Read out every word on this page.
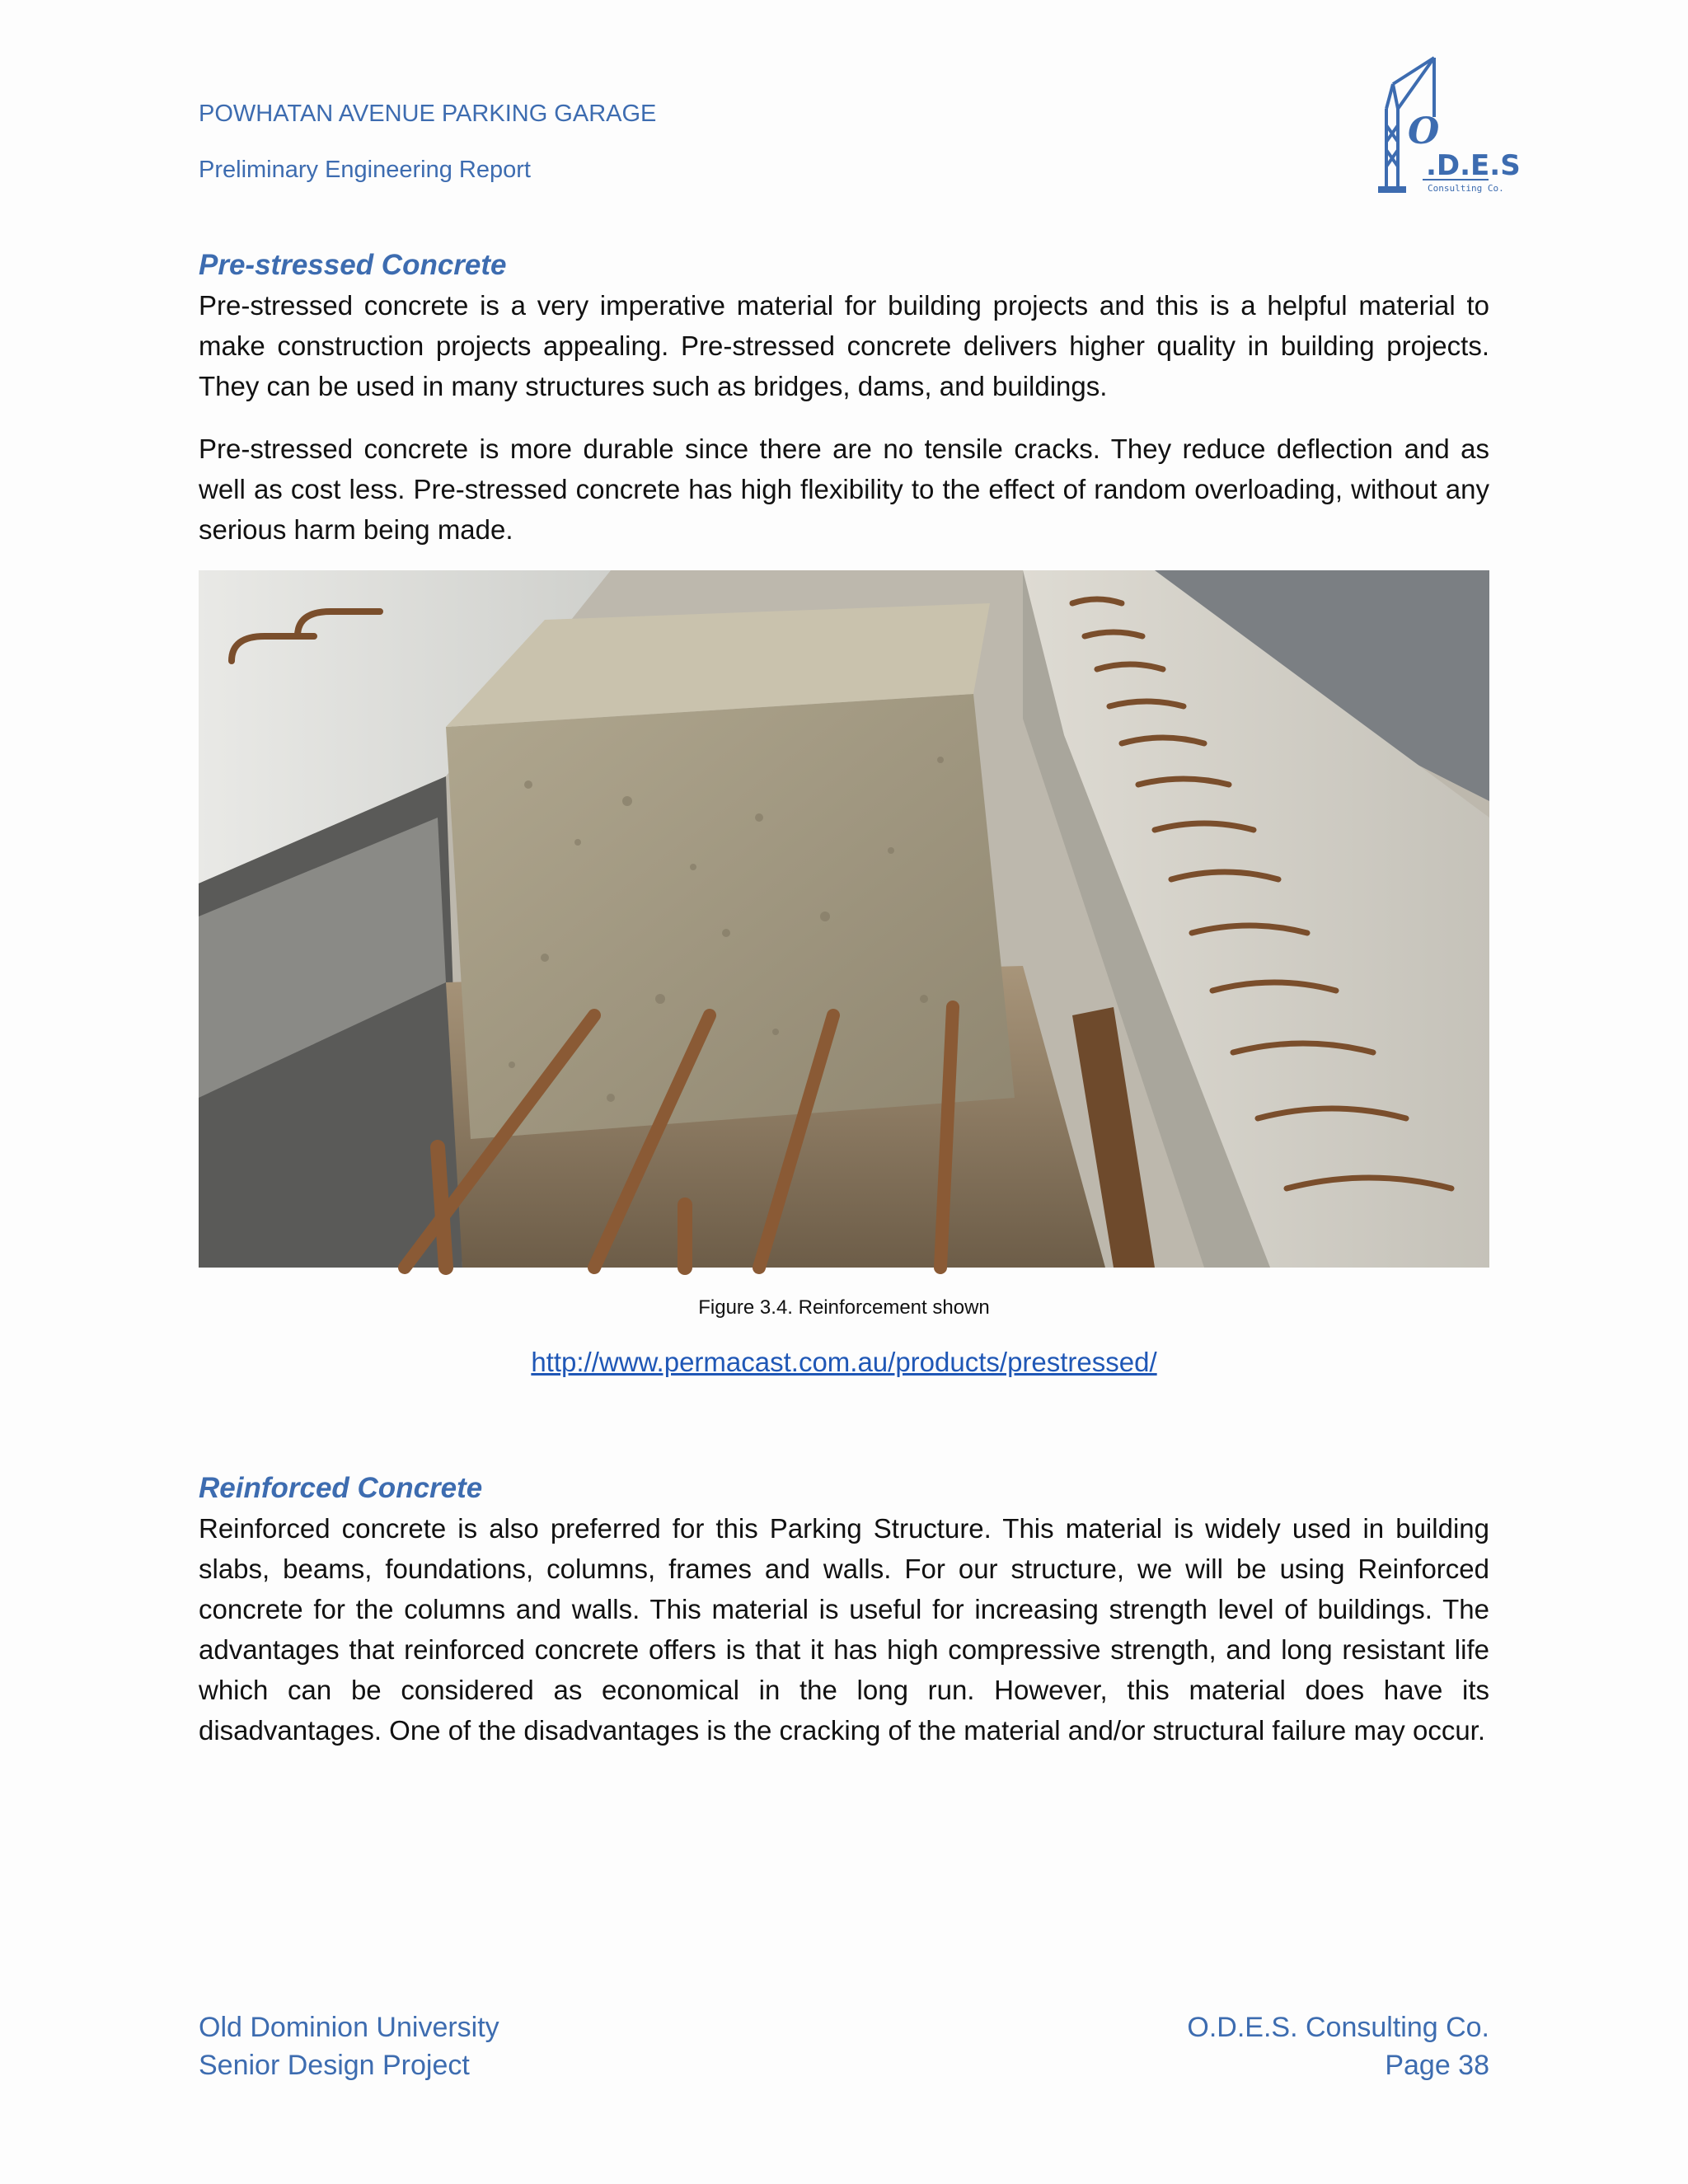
POWHATAN AVENUE PARKING GARAGE
Preliminary Engineering Report
O
.D.E.S
Consulting Co.
Pre-stressed Concrete

Pre-stressed concrete is a very imperative material for building projects and this is a helpful material to make construction projects appealing. Pre-stressed concrete delivers higher quality in building projects. They can be used in many structures such as bridges, dams, and buildings.

Pre-stressed concrete is more durable since there are no tensile cracks. They reduce deflection and as well as cost less. Pre-stressed concrete has high flexibility to the effect of random overloading, without any serious harm being made.

Figure 3.4. Reinforcement shown
http://www.permacast.com.au/products/prestressed/
Reinforced Concrete

Reinforced concrete is also preferred for this Parking Structure. This material is widely used in building slabs, beams, foundations, columns, frames and walls. For our structure, we will be using Reinforced concrete for the columns and walls. This material is useful for increasing strength level of buildings. The advantages that reinforced concrete offers is that it has high compressive strength, and long resistant life which can be considered as economical in the long run. However, this material does have its disadvantages. One of the disadvantages is the cracking of the material and/or structural failure may occur.

Old Dominion University
Senior Design Project
O.D.E.S. Consulting Co.
Page 38
